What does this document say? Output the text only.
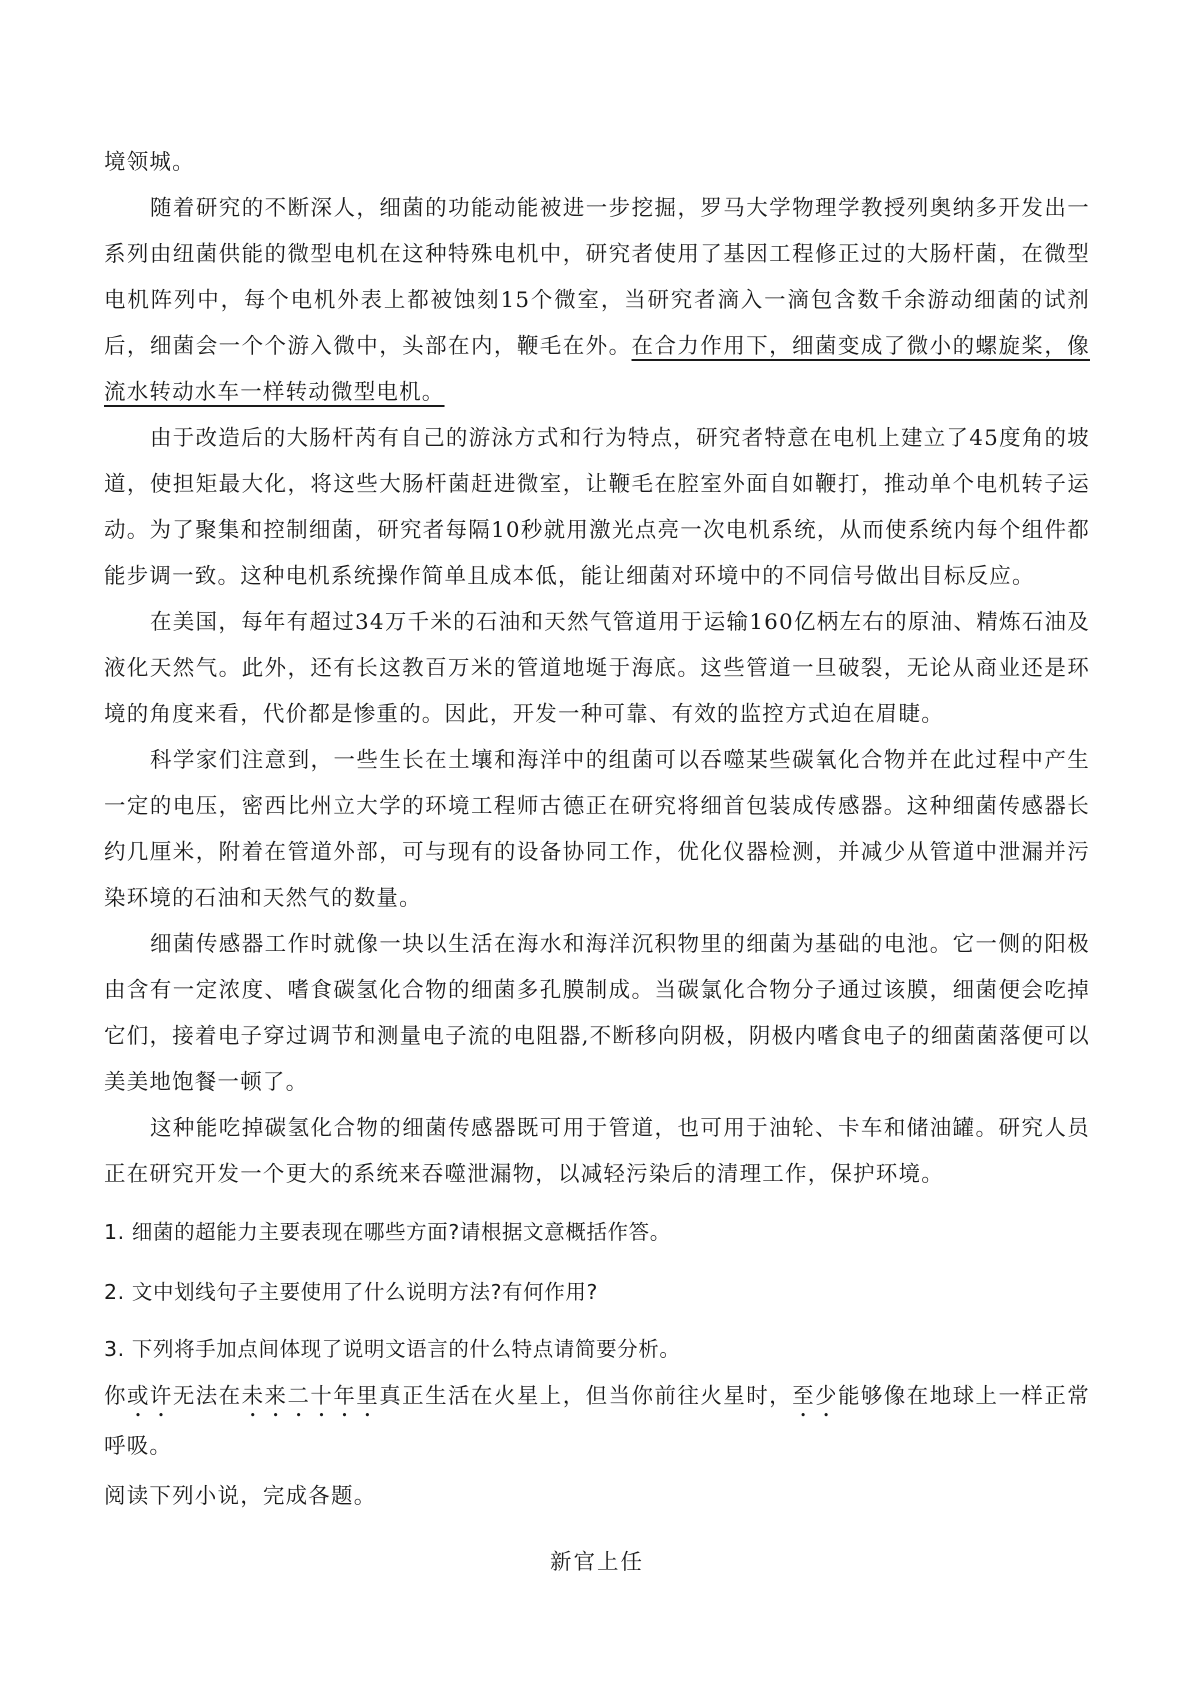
境领城。

随着研究的不断深人，细菌的功能动能被进一步挖掘，罗马大学物理学教授列奥纳多开发出一系列由纽菌供能的微型电机在这种特殊电机中，研究者使用了基因工程修正过的大肠杆菌，在微型电机阵列中，每个电机外表上都被蚀刻15个微室，当研究者滴入一滴包含数千余游动细菌的试剂后，细菌会一个个游入微中，头部在内，鞭毛在外。在合力作用下，细菌变成了微小的螺旋桨，像流水转动水车一样转动微型电机。

由于改造后的大肠杆芮有自己的游泳方式和行为特点，研究者特意在电机上建立了45度角的坡道，使担矩最大化，将这些大肠杆菌赶进微室，让鞭毛在腔室外面自如鞭打，推动单个电机转子运动。为了聚集和控制细菌，研究者每隔10秒就用激光点亮一次电机系统，从而使系统内每个组件都能步调一致。这种电机系统操作简单且成本低，能让细菌对环境中的不同信号做出目标反应。

在美国，每年有超过34万千米的石油和天然气管道用于运输160亿柄左右的原油、精炼石油及液化天然气。此外，还有长这教百万米的管道地埏于海底。这些管道一旦破裂，无论从商业还是环境的角度来看，代价都是惨重的。因此，开发一种可靠、有效的监控方式迫在眉睫。

科学家们注意到，一些生长在土壤和海洋中的组菌可以吞噬某些碳氧化合物并在此过程中产生一定的电压，密西比州立大学的环境工程师古德正在研究将细首包装成传感器。这种细菌传感器长约几厘米，附着在管道外部，可与现有的设备协同工作，优化仪器检测，并减少从管道中泄漏并污染环境的石油和天然气的数量。

细菌传感器工作时就像一块以生活在海水和海洋沉积物里的细菌为基础的电池。它一侧的阳极由含有一定浓度、嗜食碳氢化合物的细菌多孔膜制成。当碳氯化合物分子通过该膜，细菌便会吃掉它们，接着电子穿过调节和测量电子流的电阻器,不断移向阴极，阴极内嗜食电子的细菌菌落便可以美美地饱餐一顿了。

这种能吃掉碳氢化合物的细菌传感器既可用于管道，也可用于油轮、卡车和储油罐。研究人员正在研究开发一个更大的系统来吞噬泄漏物，以减轻污染后的清理工作，保护环境。

1. 细菌的超能力主要表现在哪些方面?请根据文意概括作答。

2. 文中划线句子主要使用了什么说明方法?有何作用?

3. 下列将手加点间体现了说明文语言的什么特点请简要分析。

你或许无法在未来二十年里真正生活在火星上，但当你前往火星时，至少能够像在地球上一样正常呼吸。

阅读下列小说，完成各题。

新官上任
